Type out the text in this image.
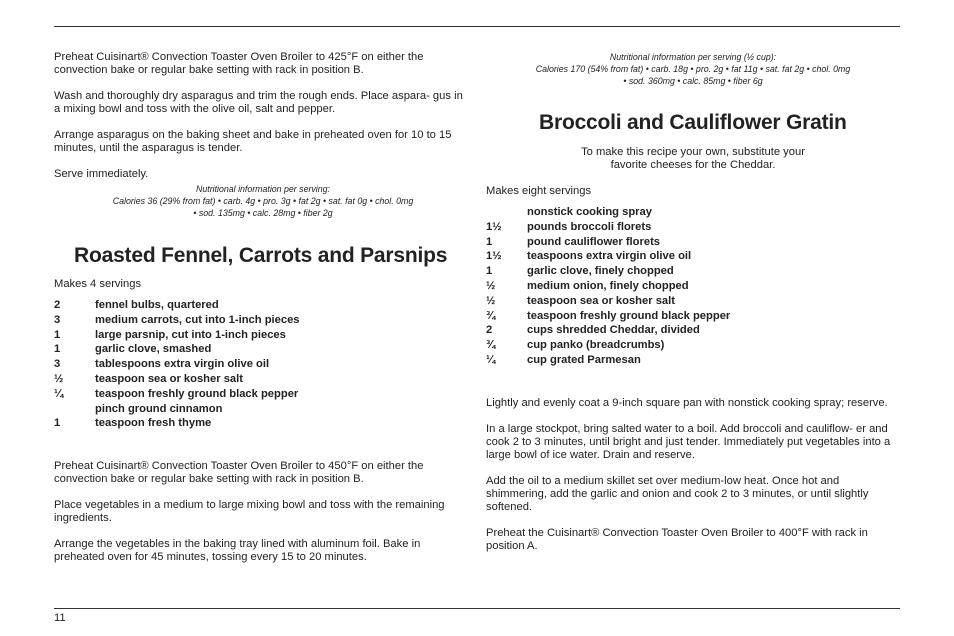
Preheat Cuisinart® Convection Toaster Oven Broiler to 425°F on either the convection bake or regular bake setting with rack in position B.

Wash and thoroughly dry asparagus and trim the rough ends. Place aspara- gus in a mixing bowl and toss with the olive oil, salt and pepper.

Arrange asparagus on the baking sheet and bake in preheated oven for 10 to 15 minutes, until the asparagus is tender.

Serve immediately.

Nutritional information per serving:
Calories 36 (29% from fat) • carb. 4g • pro. 3g • fat 2g • sat. fat 0g • chol. 0mg
• sod. 135mg • calc. 28mg • fiber 2g
Roasted Fennel, Carrots and Parsnips

Makes 4 servings

2	fennel bulbs, quartered
3	medium carrots, cut into 1-inch pieces
1	large parsnip, cut into 1-inch pieces
1	garlic clove, smashed
3	tablespoons extra virgin olive oil
½	teaspoon sea or kosher salt
¼	teaspoon freshly ground black pepper
pinch ground cinnamon
1	teaspoon fresh thyme

Preheat Cuisinart® Convection Toaster Oven Broiler to 450°F on either the convection bake or regular bake setting with rack in position B.

Place vegetables in a medium to large mixing bowl and toss with the remaining ingredients.

Arrange the vegetables in the baking tray lined with aluminum foil. Bake in preheated oven for 45 minutes, tossing every 15 to 20 minutes.

Nutritional information per serving (½ cup):
Calories 170 (54% from fat) • carb. 18g • pro. 2g • fat 11g • sat. fat 2g • chol. 0mg
• sod. 360mg • calc. 85mg • fiber 6g
Broccoli and Cauliflower Gratin
To make this recipe your own, substitute your
favorite cheeses for the Cheddar.

Makes eight servings

nonstick cooking spray
1½	pounds broccoli florets
1	pound cauliflower florets
1½	teaspoons extra virgin olive oil
1	garlic clove, finely chopped
½	medium onion, finely chopped
½	teaspoon sea or kosher salt
¾	teaspoon freshly ground black pepper
2	cups shredded Cheddar, divided
¾	cup panko (breadcrumbs)
¼	cup grated Parmesan

Lightly and evenly coat a 9-inch square pan with nonstick cooking spray; reserve.

In a large stockpot, bring salted water to a boil. Add broccoli and cauliflow- er and cook 2 to 3 minutes, until bright and just tender. Immediately put vegetables into a large bowl of ice water. Drain and reserve.

Add the oil to a medium skillet set over medium-low heat. Once hot and shimmering, add the garlic and onion and cook 2 to 3 minutes, or until slightly softened.

Preheat the Cuisinart® Convection Toaster Oven Broiler to 400°F with rack in position A.

11
